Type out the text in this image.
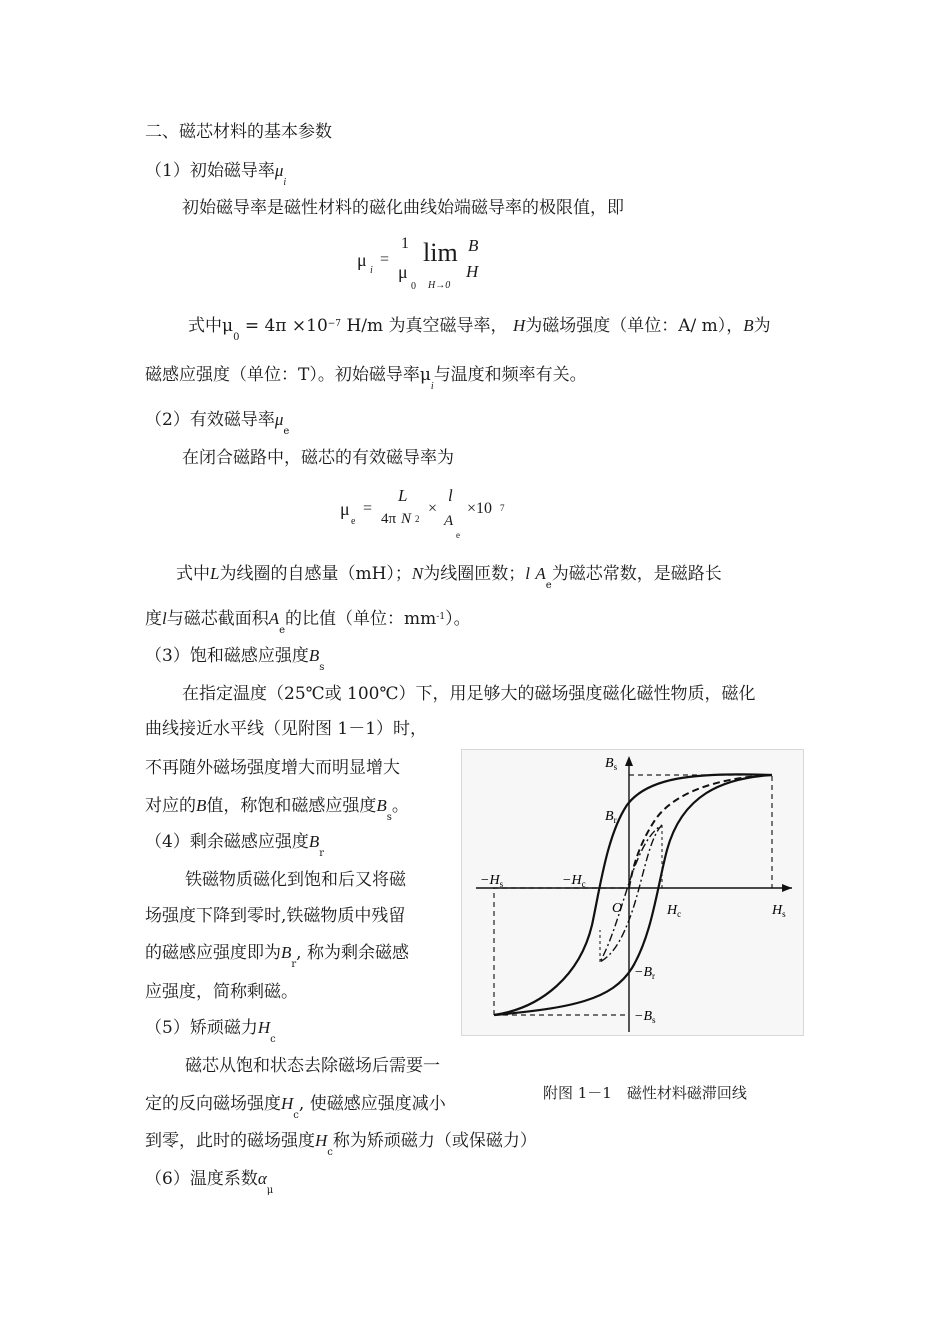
二、磁芯材料的基本参数
（1）初始磁导率$\mu_i$
初始磁导率是磁性材料的磁化曲线始端磁导率的极限值，即
μ
i
=
1
μ
0
lim
H→0
B
H
式中$\mu_0 = 4\pi \times 10^{-7}$ H/m 为真空磁导率， H为磁场强度（单位：A/ m），B为
磁感应强度（单位：T）。初始磁导率$\mu_i$与温度和频率有关。
（2）有效磁导率$\mu_e$
在闭合磁路中，磁芯的有效磁导率为
μ
e
=
L
4π N 2
×
l
A
e
×10 7
式中L为线圈的自感量（mH）；N为线圈匝数；l $A_e$为磁芯常数，是磁路长
度l与磁芯截面积$A_e$的比值（单位：$mm^{-1}$）。
（3）饱和磁感应强度$B_s$
在指定温度（25℃或 100℃）下，用足够大的磁场强度磁化磁性物质，磁化
曲线接近水平线（见附图 1－1）时，
不再随外磁场强度增大而明显增大
对应的B值，称饱和磁感应强度$B_s$。
（4）剩余磁感应强度$B_r$
铁磁物质磁化到饱和后又将磁
场强度下降到零时,铁磁物质中残留
的磁感应强度即为$B_r$, 称为剩余磁感
应强度，简称剩磁。
（5）矫顽磁力$H_c$
磁芯从饱和状态去除磁场后需要一
定的反向磁场强度$H_c$, 使磁感应强度减小
到零，此时的磁场强度$H_c$称为矫顽磁力（或保磁力）
（6）温度系数$\alpha_\mu$
$B_s$
$B_r$
$-H_s$	$-H_c$
O	$H_c$	$H_s$
$-B_r$
$-B_s$
附图 1－1　磁性材料磁滞回线
